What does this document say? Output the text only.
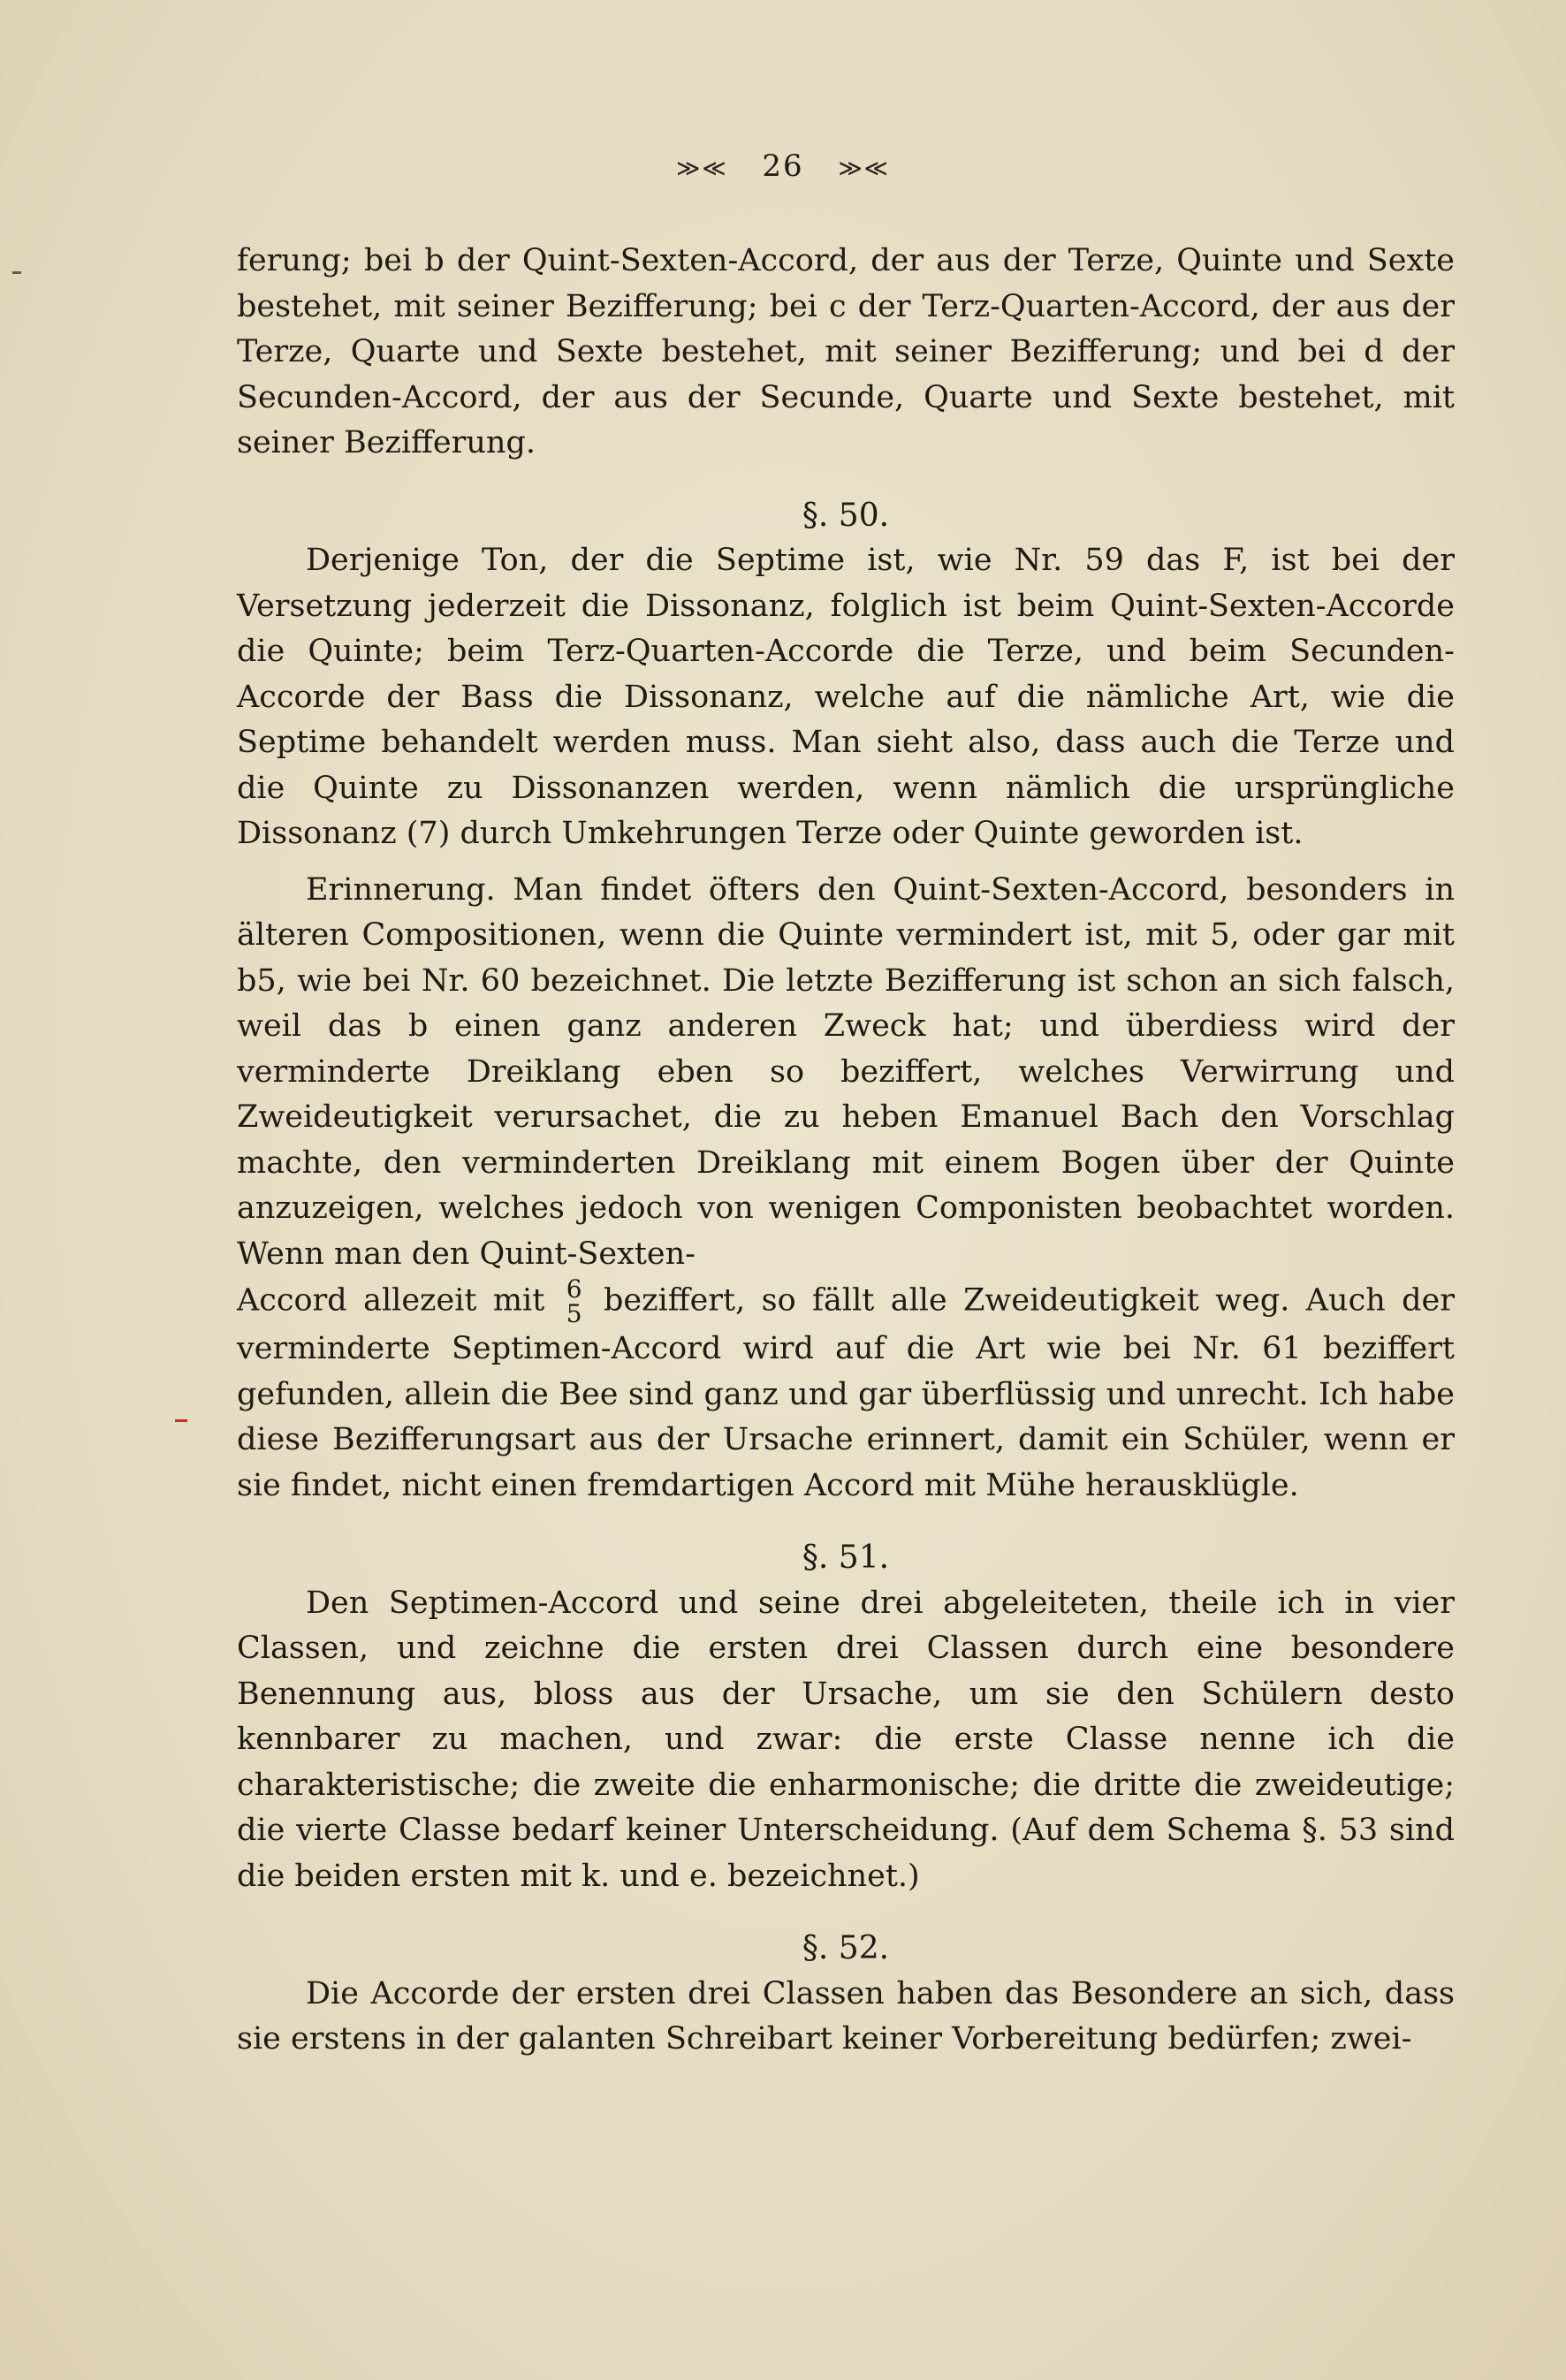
≫≪ 26 ≫≪

ferung; bei b der Quint-Sexten-Accord, der aus der Terze, Quinte und Sexte bestehet, mit seiner Bezifferung; bei c der Terz-Quarten-Accord, der aus der Terze, Quarte und Sexte bestehet, mit seiner Bezifferung; und bei d der Secunden-Accord, der aus der Secunde, Quarte und Sexte bestehet, mit seiner Bezifferung.

§. 50.

Derjenige Ton, der die Septime ist, wie Nr. 59 das F, ist bei der Versetzung jederzeit die Dissonanz, folglich ist beim Quint-Sexten-Accorde die Quinte; beim Terz-Quarten-Accorde die Terze, und beim Secunden-Accorde der Bass die Dissonanz, welche auf die nämliche Art, wie die Septime behandelt werden muss. Man sieht also, dass auch die Terze und die Quinte zu Dissonanzen werden, wenn nämlich die ursprüngliche Dissonanz (7) durch Umkehrungen Terze oder Quinte geworden ist.

Erinnerung. Man findet öfters den Quint-Sexten-Accord, besonders in älteren Compositionen, wenn die Quinte vermindert ist, mit 5, oder gar mit b5, wie bei Nr. 60 bezeichnet. Die letzte Bezifferung ist schon an sich falsch, weil das b einen ganz anderen Zweck hat; und überdiess wird der verminderte Dreiklang eben so beziffert, welches Verwirrung und Zweideutigkeit verursachet, die zu heben Emanuel Bach den Vorschlag machte, den verminderten Dreiklang mit einem Bogen über der Quinte anzuzeigen, welches jedoch von wenigen Componisten beobachtet worden. Wenn man den Quint-Sexten-

Accord allezeit mit 6
5 beziffert, so fällt alle Zweideutigkeit weg. Auch der verminderte Septimen-Accord wird auf die Art wie bei Nr. 61 beziffert gefunden, allein die Bee sind ganz und gar überflüssig und unrecht. Ich habe diese Bezifferungsart aus der Ursache erinnert, damit ein Schüler, wenn er sie findet, nicht einen fremdartigen Accord mit Mühe herausklügle.

§. 51.

Den Septimen-Accord und seine drei abgeleiteten, theile ich in vier Classen, und zeichne die ersten drei Classen durch eine besondere Benennung aus, bloss aus der Ursache, um sie den Schülern desto kennbarer zu machen, und zwar: die erste Classe nenne ich die charakteristische; die zweite die enharmonische; die dritte die zweideutige; die vierte Classe bedarf keiner Unterscheidung. (Auf dem Schema §. 53 sind die beiden ersten mit k. und e. bezeichnet.)

§. 52.

Die Accorde der ersten drei Classen haben das Besondere an sich, dass sie erstens in der galanten Schreibart keiner Vorbereitung bedürfen; zwei-
